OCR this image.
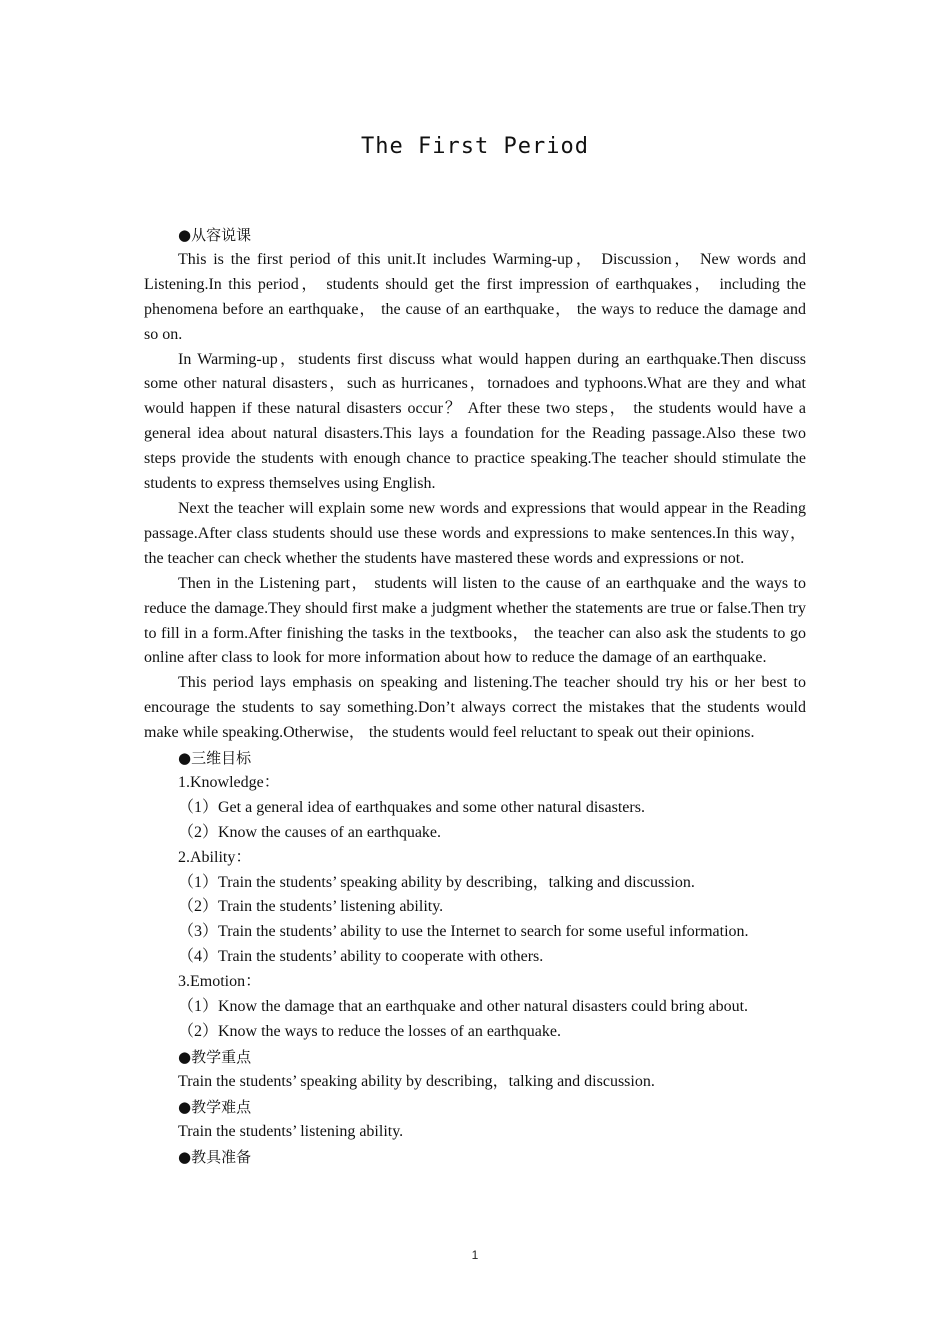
The First Period

●从容说课

This is the first period of this unit.It includes Warming-up， Discussion， New words and Listening.In this period， students should get the first impression of earthquakes， including the phenomena before an earthquake， the cause of an earthquake， the ways to reduce the damage and so on.

In Warming-up，students first discuss what would happen during an earthquake.Then discuss some other natural disasters，such as hurricanes，tornadoes and typhoons.What are they and what would happen if these natural disasters occur？ After these two steps， the students would have a general idea about natural disasters.This lays a foundation for the Reading passage.Also these two steps provide the students with enough chance to practice speaking.The teacher should stimulate the students to express themselves using English.

Next the teacher will explain some new words and expressions that would appear in the Reading passage.After class students should use these words and expressions to make sentences.In this way，the teacher can check whether the students have mastered these words and expressions or not.

Then in the Listening part， students will listen to the cause of an earthquake and the ways to reduce the damage.They should first make a judgment whether the statements are true or false.Then try to fill in a form.After finishing the tasks in the textbooks， the teacher can also ask the students to go online after class to look for more information about how to reduce the damage of an earthquake.

This period lays emphasis on speaking and listening.The teacher should try his or her best to encourage the students to say something.Don’t always correct the mistakes that the students would make while speaking.Otherwise， the students would feel reluctant to speak out their opinions.

●三维目标

1.Knowledge：

（1）Get a general idea of earthquakes and some other natural disasters.

（2）Know the causes of an earthquake.

2.Ability：

（1）Train the students’ speaking ability by describing，talking and discussion.

（2）Train the students’ listening ability.

（3）Train the students’ ability to use the Internet to search for some useful information.

（4）Train the students’ ability to cooperate with others.

3.Emotion：

（1）Know the damage that an earthquake and other natural disasters could bring about.

（2）Know the ways to reduce the losses of an earthquake.

●教学重点

Train the students’ speaking ability by describing，talking and discussion.

●教学难点

Train the students’ listening ability.

●教具准备

1
